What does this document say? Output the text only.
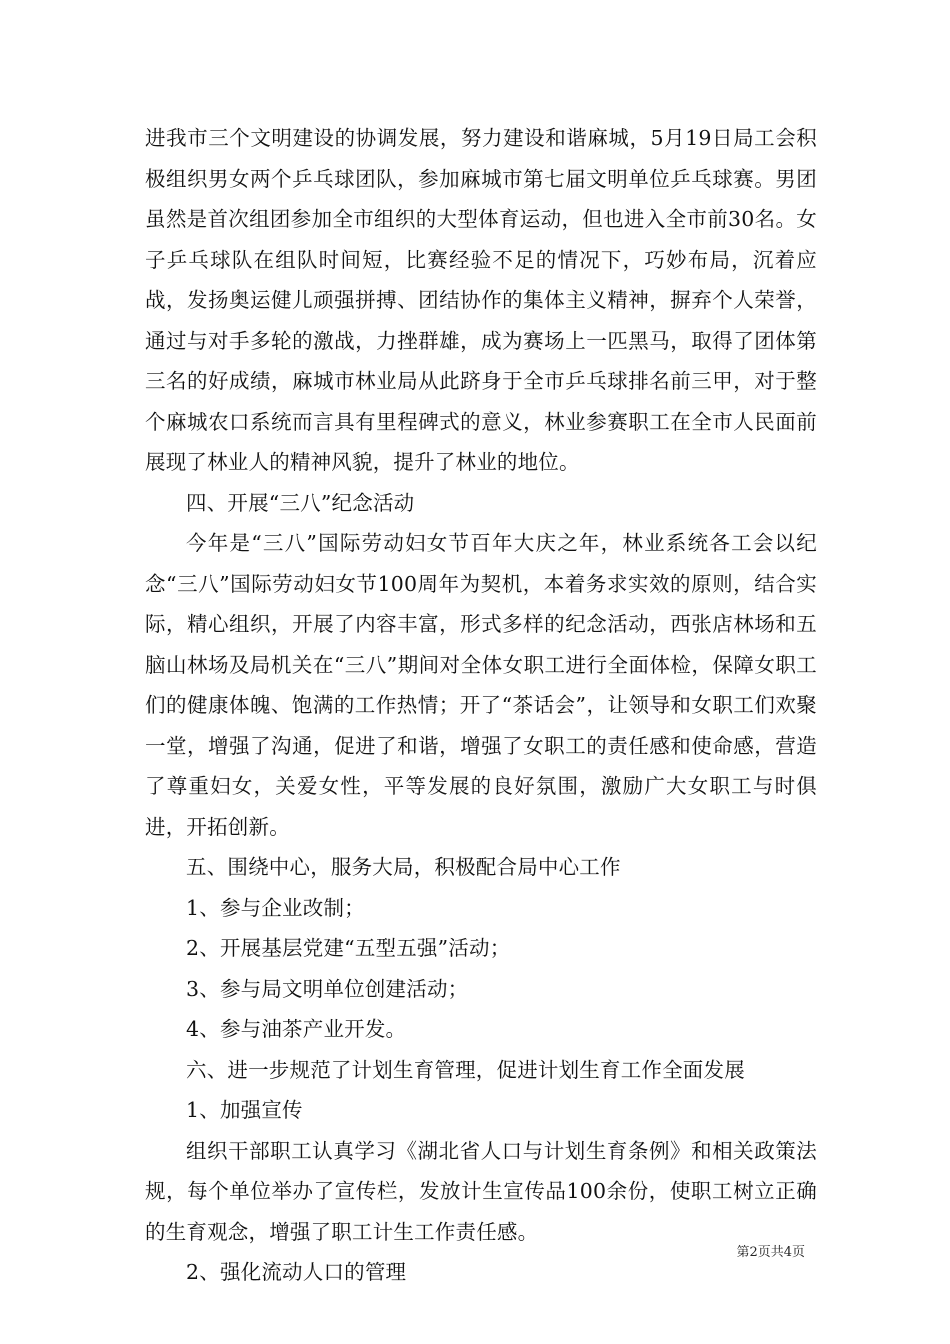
进我市三个文明建设的协调发展，努力建设和谐麻城，5月19日局工会积极组织男女两个乒乓球团队，参加麻城市第七届文明单位乒乓球赛。男团虽然是首次组团参加全市组织的大型体育运动，但也进入全市前30名。女子乒乓球队在组队时间短，比赛经验不足的情况下，巧妙布局，沉着应战，发扬奥运健儿顽强拼搏、团结协作的集体主义精神，摒弃个人荣誉，通过与对手多轮的激战，力挫群雄，成为赛场上一匹黑马，取得了团体第三名的好成绩，麻城市林业局从此跻身于全市乒乓球排名前三甲，对于整个麻城农口系统而言具有里程碑式的意义，林业参赛职工在全市人民面前展现了林业人的精神风貌，提升了林业的地位。

四、开展“三八”纪念活动

今年是“三八”国际劳动妇女节百年大庆之年，林业系统各工会以纪念“三八”国际劳动妇女节100周年为契机，本着务求实效的原则，结合实际，精心组织，开展了内容丰富，形式多样的纪念活动，西张店林场和五脑山林场及局机关在“三八”期间对全体女职工进行全面体检，保障女职工们的健康体魄、饱满的工作热情；开了“茶话会”，让领导和女职工们欢聚一堂，增强了沟通，促进了和谐，增强了女职工的责任感和使命感，营造了尊重妇女，关爱女性，平等发展的良好氛围，激励广大女职工与时俱进，开拓创新。

五、围绕中心，服务大局，积极配合局中心工作

1、参与企业改制；

2、开展基层党建“五型五强”活动；

3、参与局文明单位创建活动；

4、参与油茶产业开发。

六、进一步规范了计划生育管理，促进计划生育工作全面发展

1、加强宣传

组织干部职工认真学习《湖北省人口与计划生育条例》和相关政策法规，每个单位举办了宣传栏，发放计生宣传品100余份，使职工树立正确的生育观念，增强了职工计生工作责任感。

2、强化流动人口的管理

第2页共4页
